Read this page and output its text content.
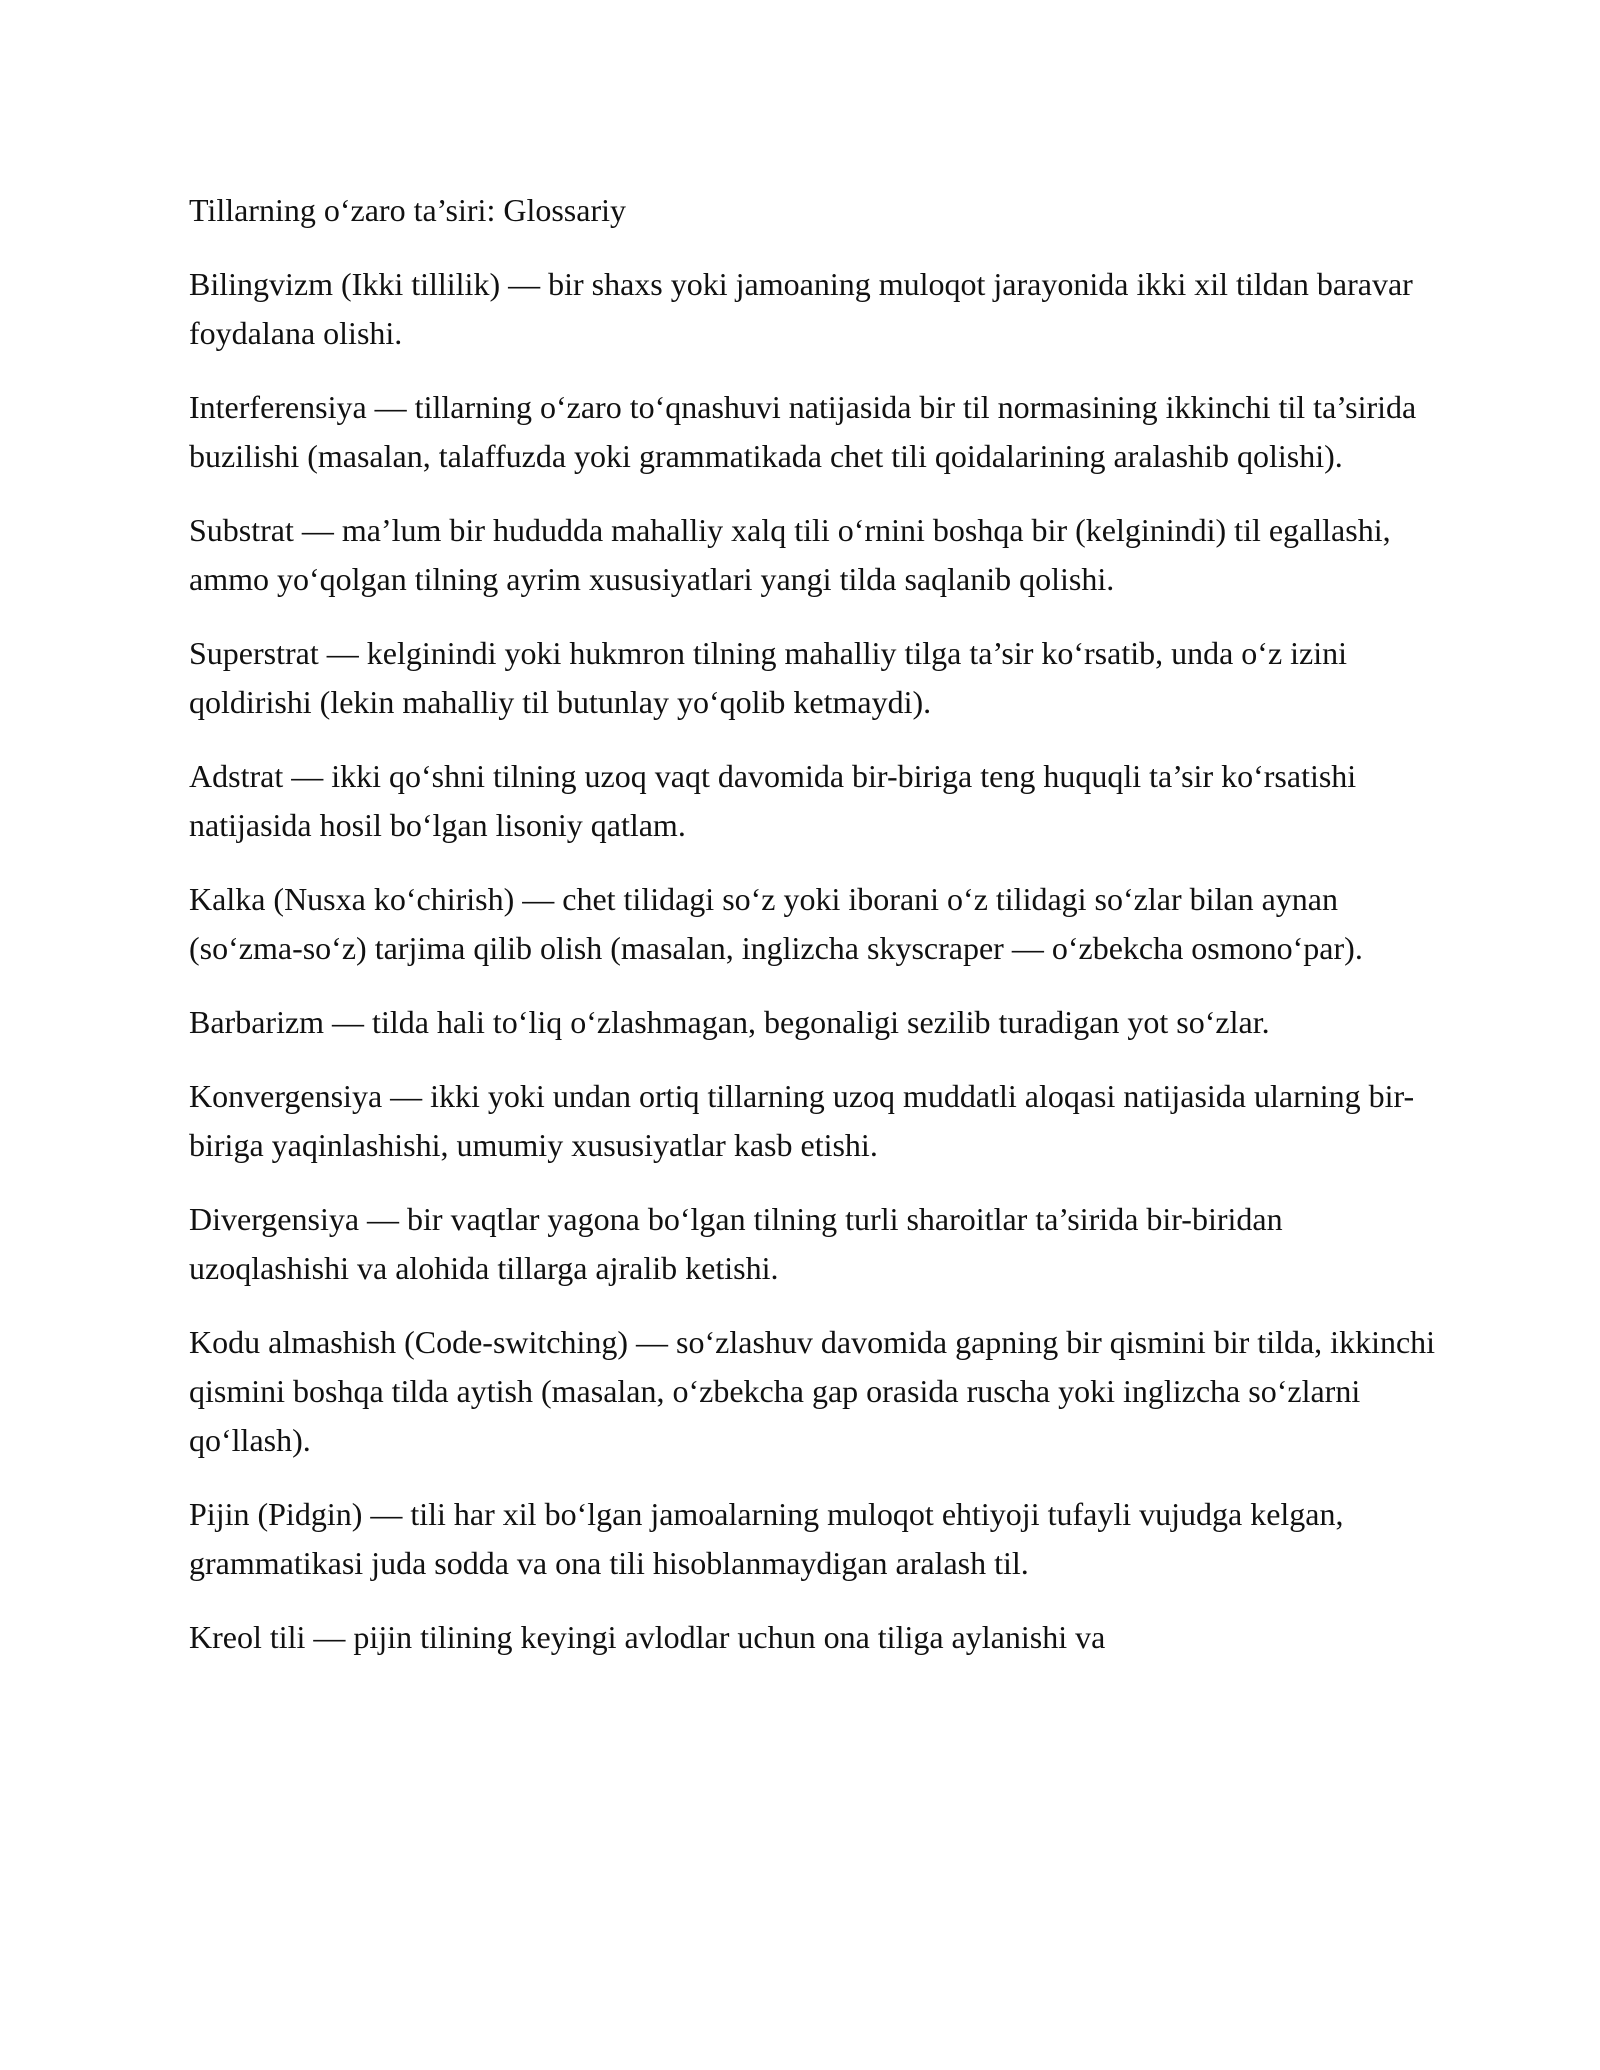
Tillarning o‘zaro ta’siri: Glossariy

Bilingvizm (Ikki tillilik) — bir shaxs yoki jamoaning muloqot jarayonida ikki xil tildan baravar foydalana olishi.

Interferensiya — tillarning o‘zaro to‘qnashuvi natijasida bir til normasining ikkinchi til ta’sirida buzilishi (masalan, talaffuzda yoki grammatikada chet tili qoidalarining aralashib qolishi).

Substrat — ma’lum bir hududda mahalliy xalq tili o‘rnini boshqa bir (kelginindi) til egallashi, ammo yo‘qolgan tilning ayrim xususiyatlari yangi tilda saqlanib qolishi.

Superstrat — kelginindi yoki hukmron tilning mahalliy tilga ta’sir ko‘rsatib, unda o‘z izini qoldirishi (lekin mahalliy til butunlay yo‘qolib ketmaydi).

Adstrat — ikki qo‘shni tilning uzoq vaqt davomida bir-biriga teng huquqli ta’sir ko‘rsatishi natijasida hosil bo‘lgan lisoniy qatlam.

Kalka (Nusxa ko‘chirish) — chet tilidagi so‘z yoki iborani o‘z tilidagi so‘zlar bilan aynan (so‘zma-so‘z) tarjima qilib olish (masalan, inglizcha skyscraper — o‘zbekcha osmono‘par).

Barbarizm — tilda hali to‘liq o‘zlashmagan, begonaligi sezilib turadigan yot so‘zlar.

Konvergensiya — ikki yoki undan ortiq tillarning uzoq muddatli aloqasi natijasida ularning bir-biriga yaqinlashishi, umumiy xususiyatlar kasb etishi.

Divergensiya — bir vaqtlar yagona bo‘lgan tilning turli sharoitlar ta’sirida bir-biridan uzoqlashishi va alohida tillarga ajralib ketishi.

Kodu almashish (Code-switching) — so‘zlashuv davomida gapning bir qismini bir tilda, ikkinchi qismini boshqa tilda aytish (masalan, o‘zbekcha gap orasida ruscha yoki inglizcha so‘zlarni qo‘llash).

Pijin (Pidgin) — tili har xil bo‘lgan jamoalarning muloqot ehtiyoji tufayli vujudga kelgan, grammatikasi juda sodda va ona tili hisoblanmaydigan aralash til.

Kreol tili — pijin tilining keyingi avlodlar uchun ona tiliga aylanishi va
